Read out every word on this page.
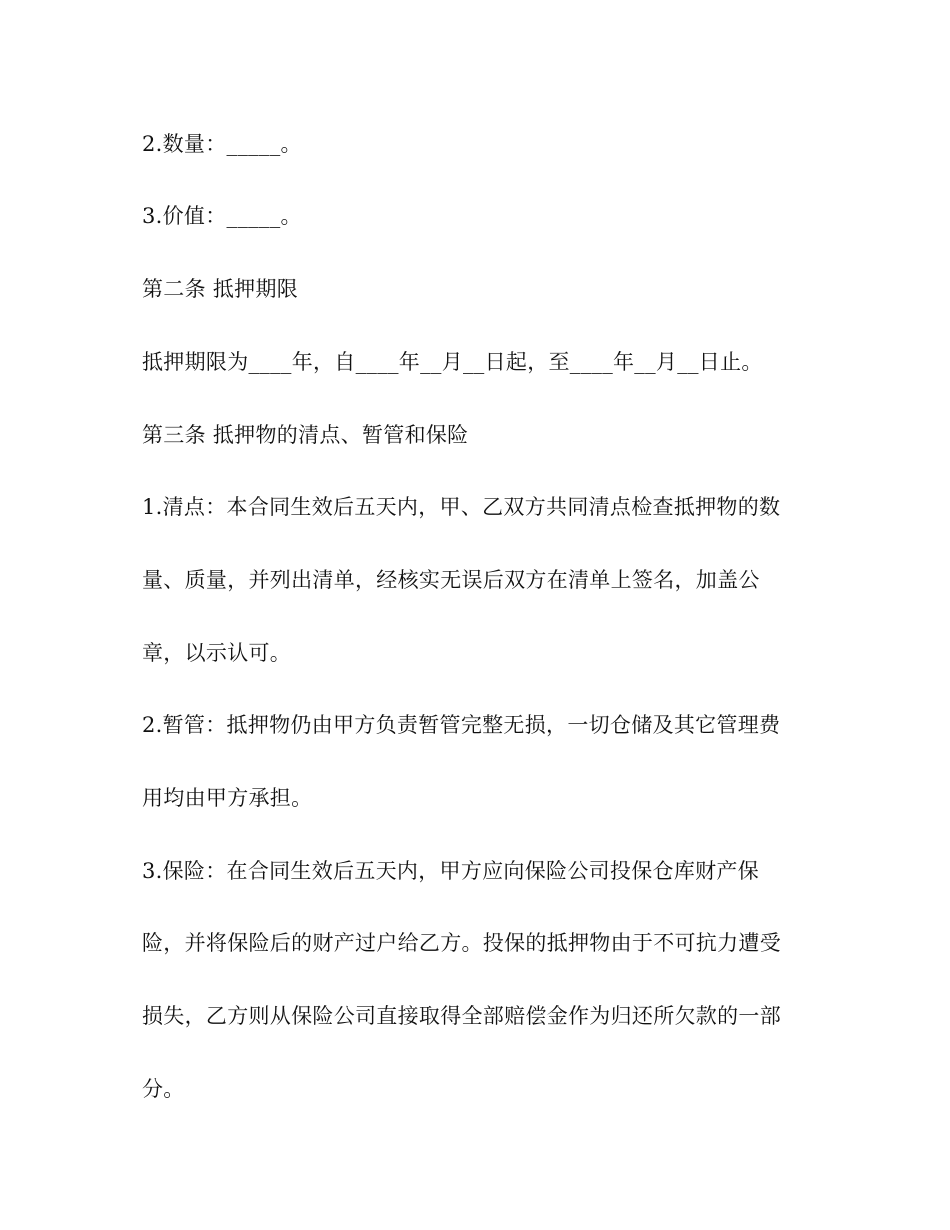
2.数量：_____。
3.价值：_____。
第二条 抵押期限
抵押期限为____年，自____年__月__日起，至____年__月__日止。
第三条 抵押物的清点、暂管和保险
1.清点：本合同生效后五天内，甲、乙双方共同清点检查抵押物的数
量、质量，并列出清单，经核实无误后双方在清单上签名，加盖公
章，以示认可。
2.暂管：抵押物仍由甲方负责暂管完整无损，一切仓储及其它管理费
用均由甲方承担。
3.保险：在合同生效后五天内，甲方应向保险公司投保仓库财产保
险，并将保险后的财产过户给乙方。投保的抵押物由于不可抗力遭受
损失，乙方则从保险公司直接取得全部赔偿金作为归还所欠款的一部
分。
